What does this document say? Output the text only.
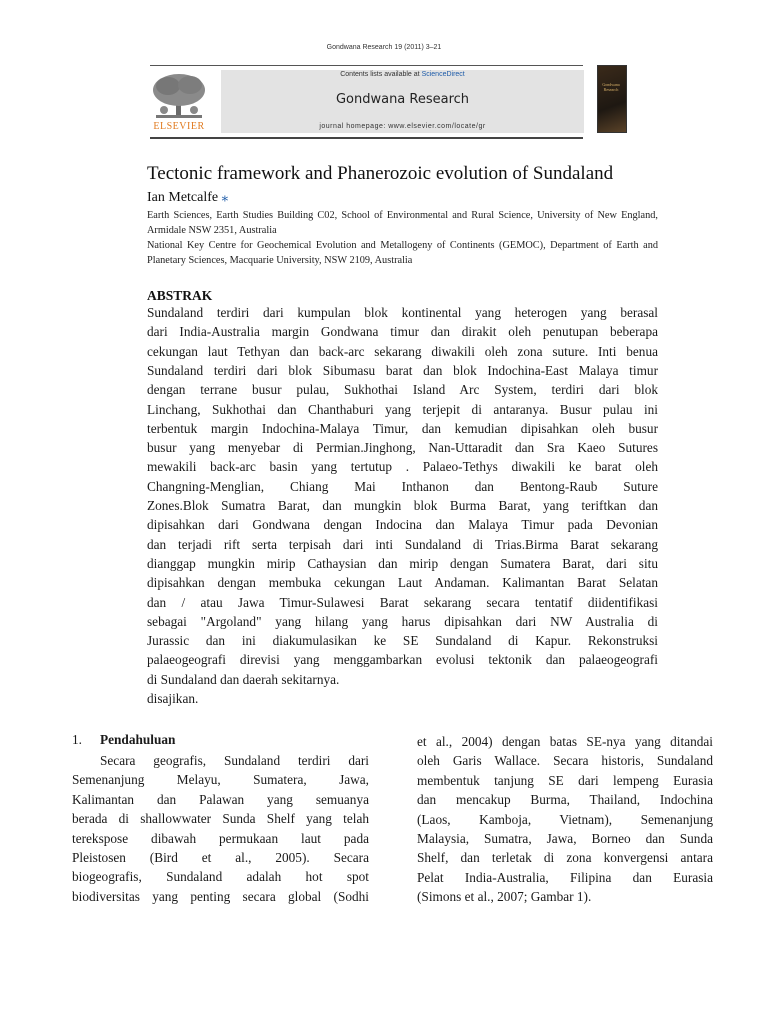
Gondwana Research 19 (2011) 3–21
ELSEVIER
Contents lists available at ScienceDirect
Gondwana Research
journal homepage: www.elsevier.com/locate/gr
Gondwana Research
Tectonic framework and Phanerozoic evolution of Sundaland
Ian Metcalfe ⁎
Earth Sciences, Earth Studies Building C02, School of Environmental and Rural Science, University of New England, Armidale NSW 2351, Australia
National Key Centre for Geochemical Evolution and Metallogeny of Continents (GEMOC), Department of Earth and Planetary Sciences, Macquarie University, NSW 2109, Australia
ABSTRAK
Sundaland terdiri dari kumpulan blok kontinental yang heterogen yang berasal
dari India-Australia margin Gondwana timur dan dirakit oleh penutupan beberapa
cekungan laut Tethyan dan back-arc sekarang diwakili oleh zona suture. Inti benua
Sundaland terdiri dari blok Sibumasu barat dan blok Indochina-East Malaya timur
dengan terrane busur pulau, Sukhothai Island Arc System, terdiri dari blok
Linchang, Sukhothai dan Chanthaburi yang terjepit di antaranya. Busur pulau ini
terbentuk margin Indochina-Malaya Timur, dan kemudian dipisahkan oleh busur
busur yang menyebar di Permian.Jinghong, Nan-Uttaradit dan Sra Kaeo Sutures
mewakili back-arc basin yang tertutup . Palaeo-Tethys diwakili ke barat oleh
Changning-Menglian, Chiang Mai Inthanon dan Bentong-Raub Suture
Zones.Blok Sumatra Barat, dan mungkin blok Burma Barat, yang teriftkan dan
dipisahkan dari Gondwana dengan Indocina dan Malaya Timur pada Devonian
dan terjadi rift serta terpisah dari inti Sundaland di Trias.Birma Barat sekarang
dianggap mungkin mirip Cathaysian dan mirip dengan Sumatera Barat, dari situ
dipisahkan dengan membuka cekungan Laut Andaman. Kalimantan Barat Selatan
dan / atau Jawa Timur-Sulawesi Barat sekarang secara tentatif diidentifikasi
sebagai "Argoland" yang hilang yang harus dipisahkan dari NW Australia di
Jurassic dan ini diakumulasikan ke SE Sundaland di Kapur. Rekonstruksi
palaeogeografi direvisi yang menggambarkan evolusi tektonik dan palaeogeografi
di Sundaland dan daerah sekitarnya.
disajikan.
1. Pendahuluan
Secara geografis, Sundaland terdiri dari
Semenanjung Melayu, Sumatera, Jawa,
Kalimantan dan Palawan yang semuanya
berada di shallowwater Sunda Shelf yang telah
terekspose dibawah permukaan laut pada
Pleistosen (Bird et al., 2005). Secara
biogeografis, Sundaland adalah hot spot
biodiversitas yang penting secara global (Sodhi
et al., 2004) dengan batas SE-nya yang ditandai
oleh Garis Wallace. Secara historis, Sundaland
membentuk tanjung SE dari lempeng Eurasia
dan mencakup Burma, Thailand, Indochina
(Laos, Kamboja, Vietnam), Semenanjung
Malaysia, Sumatra, Jawa, Borneo dan Sunda
Shelf, dan terletak di zona konvergensi antara
Pelat India-Australia, Filipina dan Eurasia
(Simons et al., 2007; Gambar 1).
